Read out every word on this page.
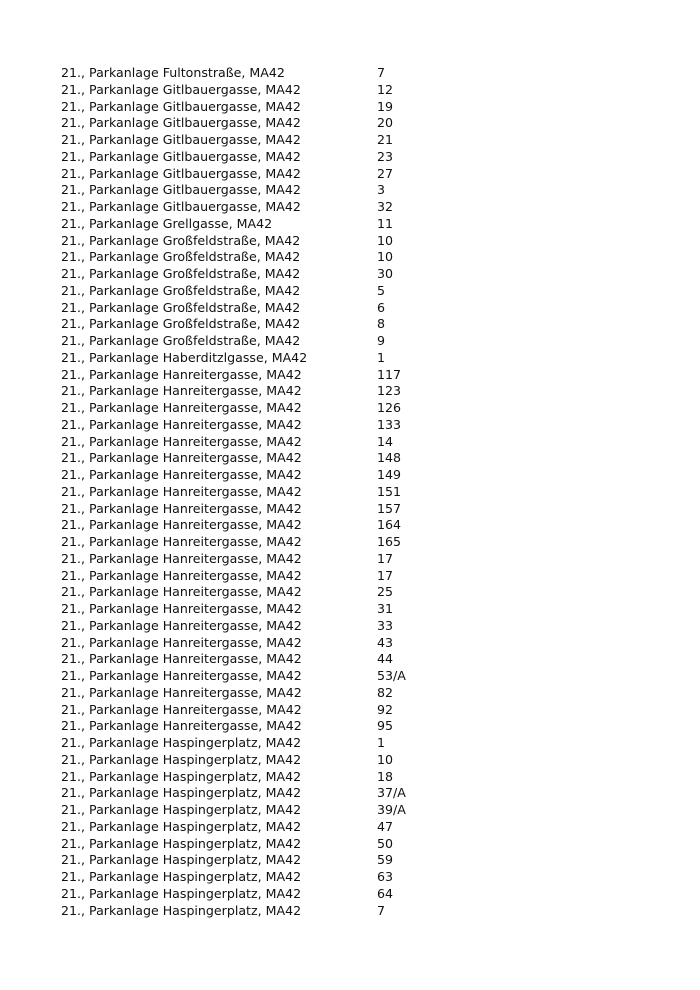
21., Parkanlage Fultonstraße, MA42	7
21., Parkanlage Gitlbauergasse, MA42	12
21., Parkanlage Gitlbauergasse, MA42	19
21., Parkanlage Gitlbauergasse, MA42	20
21., Parkanlage Gitlbauergasse, MA42	21
21., Parkanlage Gitlbauergasse, MA42	23
21., Parkanlage Gitlbauergasse, MA42	27
21., Parkanlage Gitlbauergasse, MA42	3
21., Parkanlage Gitlbauergasse, MA42	32
21., Parkanlage Grellgasse, MA42	11
21., Parkanlage Großfeldstraße, MA42	10
21., Parkanlage Großfeldstraße, MA42	10
21., Parkanlage Großfeldstraße, MA42	30
21., Parkanlage Großfeldstraße, MA42	5
21., Parkanlage Großfeldstraße, MA42	6
21., Parkanlage Großfeldstraße, MA42	8
21., Parkanlage Großfeldstraße, MA42	9
21., Parkanlage Haberditzlgasse, MA42	1
21., Parkanlage Hanreitergasse, MA42	117
21., Parkanlage Hanreitergasse, MA42	123
21., Parkanlage Hanreitergasse, MA42	126
21., Parkanlage Hanreitergasse, MA42	133
21., Parkanlage Hanreitergasse, MA42	14
21., Parkanlage Hanreitergasse, MA42	148
21., Parkanlage Hanreitergasse, MA42	149
21., Parkanlage Hanreitergasse, MA42	151
21., Parkanlage Hanreitergasse, MA42	157
21., Parkanlage Hanreitergasse, MA42	164
21., Parkanlage Hanreitergasse, MA42	165
21., Parkanlage Hanreitergasse, MA42	17
21., Parkanlage Hanreitergasse, MA42	17
21., Parkanlage Hanreitergasse, MA42	25
21., Parkanlage Hanreitergasse, MA42	31
21., Parkanlage Hanreitergasse, MA42	33
21., Parkanlage Hanreitergasse, MA42	43
21., Parkanlage Hanreitergasse, MA42	44
21., Parkanlage Hanreitergasse, MA42	53/A
21., Parkanlage Hanreitergasse, MA42	82
21., Parkanlage Hanreitergasse, MA42	92
21., Parkanlage Hanreitergasse, MA42	95
21., Parkanlage Haspingerplatz, MA42	1
21., Parkanlage Haspingerplatz, MA42	10
21., Parkanlage Haspingerplatz, MA42	18
21., Parkanlage Haspingerplatz, MA42	37/A
21., Parkanlage Haspingerplatz, MA42	39/A
21., Parkanlage Haspingerplatz, MA42	47
21., Parkanlage Haspingerplatz, MA42	50
21., Parkanlage Haspingerplatz, MA42	59
21., Parkanlage Haspingerplatz, MA42	63
21., Parkanlage Haspingerplatz, MA42	64
21., Parkanlage Haspingerplatz, MA42	7
